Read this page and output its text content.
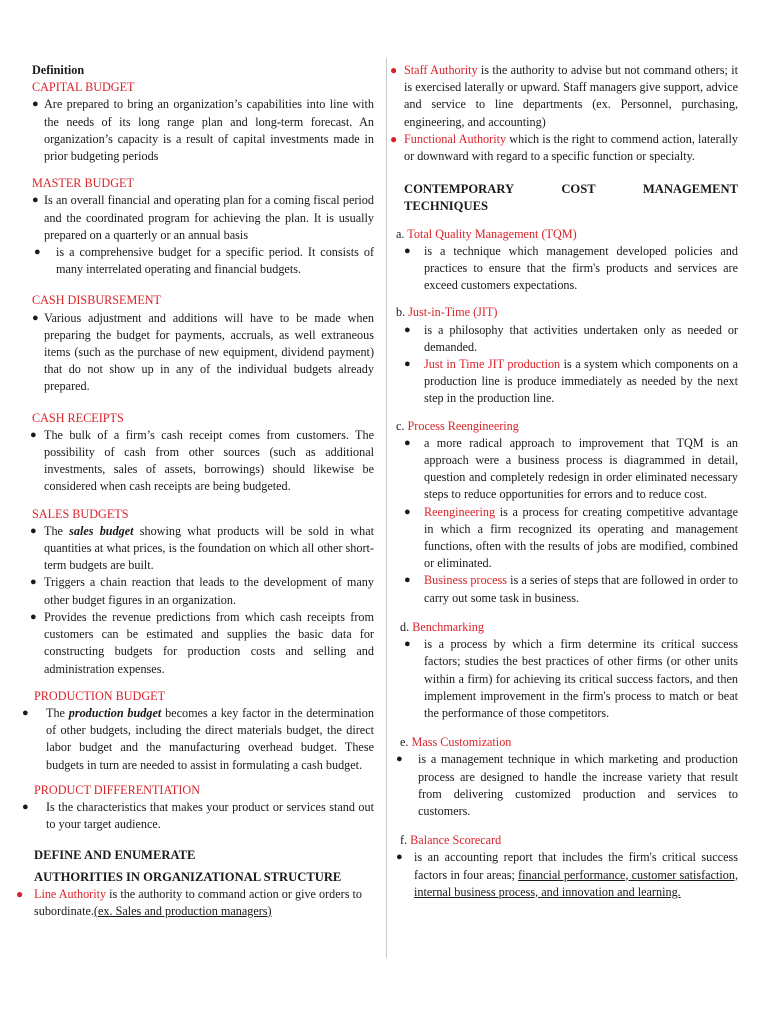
Definition

CAPITAL BUDGET

● Are prepared to bring an organization’s capabilities into line with the needs of its long range plan and long-term forecast. An organization’s capacity is a result of capital investments made in prior budgeting periods

MASTER BUDGET

● Is an overall financial and operating plan for a coming fiscal period and the coordinated program for achieving the plan. It is usually prepared on a quarterly or an annual basis
● is a comprehensive budget for a specific period. It consists of many interrelated operating and financial budgets.

CASH DISBURSEMENT

● Various adjustment and additions will have to be made when preparing the budget for payments, accruals, as well extraneous items (such as the purchase of new equipment, dividend payment) that do not show up in any of the individual budgets already prepared.

CASH RECEIPTS

● The bulk of a firm’s cash receipt comes from customers. The possibility of cash from other sources (such as additional investments, sales of assets, borrowings) should likewise be considered when cash receipts are being budgeted.

SALES BUDGETS

● The sales budget showing what products will be sold in what quantities at what prices, is the foundation on which all other short-term budgets are built.
● Triggers a chain reaction that leads to the development of many other budget figures in an organization.
● Provides the revenue predictions from which cash receipts from customers can be estimated and supplies the basic data for constructing budgets for production costs and selling and administration expenses.

PRODUCTION BUDGET

● The production budget becomes a key factor in the determination of other budgets, including the direct materials budget, the direct labor budget and the manufacturing overhead budget. These budgets in turn are needed to assist in formulating a cash budget.

PRODUCT DIFFERENTIATION

● Is the characteristics that makes your product or services stand out to your target audience.

DEFINE AND ENUMERATE

AUTHORITIES IN ORGANIZATIONAL STRUCTURE

● Line Authority is the authority to command action or give orders to subordinate.(ex. Sales and production managers)
● Staff Authority is the authority to advise but not command others; it is exercised laterally or upward. Staff managers give support, advice and service to line departments (ex. Personnel, purchasing, engineering, and accounting)
● Functional Authority which is the right to commend action, laterally or downward with regard to a specific function or specialty.
CONTEMPORARY	COST	MANAGEMENT

TECHNIQUES

a. Total Quality Management (TQM)

● is a technique which management developed policies and practices to ensure that the firm's products and services are exceed customers expectations.

b. Just-in-Time (JIT)

● is a philosophy that activities undertaken only as needed or demanded.
● Just in Time JIT production is a system which components on a production line is produce immediately as needed by the next step in the production line.

c. Process Reengineering

● a more radical approach to improvement that TQM is an approach were a business process is diagrammed in detail, question and completely redesign in order eliminated necessary steps to reduce opportunities for errors and to reduce cost.
● Reengineering is a process for creating competitive advantage in which a firm recognized its operating and management functions, often with the results of jobs are modified, combined or eliminated.
● Business process is a series of steps that are followed in order to carry out some task in business.

d. Benchmarking

● is a process by which a firm determine its critical success factors; studies the best practices of other firms (or other units within a firm) for achieving its critical success factors, and then implement improvement in the firm's process to match or beat the performance of those competitors.

e. Mass Customization

● is a management technique in which marketing and production process are designed to handle the increase variety that result from delivering customized production and services to customers.

f. Balance Scorecard

● is an accounting report that includes the firm's critical success factors in four areas; financial performance, customer satisfaction, internal business process, and innovation and learning.
